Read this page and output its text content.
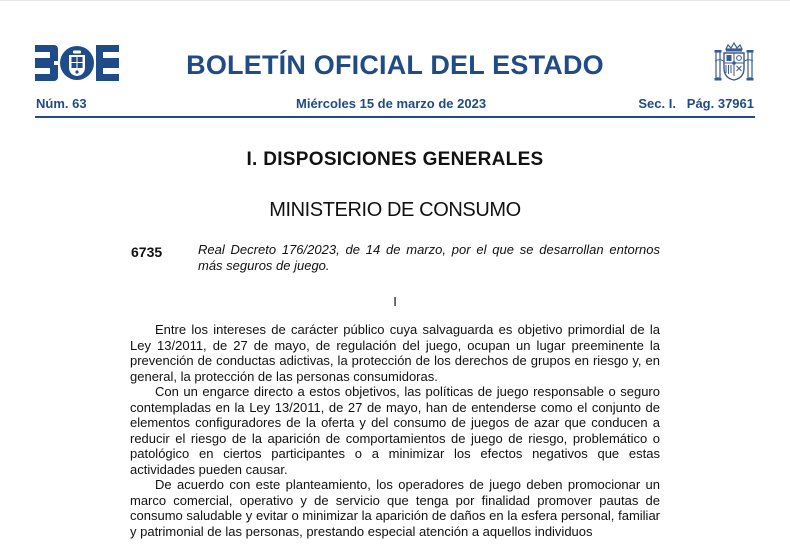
BOLETÍN OFICIAL DEL ESTADO
Núm. 63	Miércoles 15 de marzo de 2023	Sec. I.   Pág. 37961
I. DISPOSICIONES GENERALES
MINISTERIO DE CONSUMO
6735	Real Decreto 176/2023, de 14 de marzo, por el que se desarrollan entornos más seguros de juego.
I

Entre los intereses de carácter público cuya salvaguarda es objetivo primordial de la Ley 13/2011, de 27 de mayo, de regulación del juego, ocupan un lugar preeminente la prevención de conductas adictivas, la protección de los derechos de grupos en riesgo y, en general, la protección de las personas consumidoras.

Con un engarce directo a estos objetivos, las políticas de juego responsable o seguro contempladas en la Ley 13/2011, de 27 de mayo, han de entenderse como el conjunto de elementos configuradores de la oferta y del consumo de juegos de azar que conducen a reducir el riesgo de la aparición de comportamientos de juego de riesgo, problemático o patológico en ciertos participantes o a minimizar los efectos negativos que estas actividades pueden causar.

De acuerdo con este planteamiento, los operadores de juego deben promocionar un marco comercial, operativo y de servicio que tenga por finalidad promover pautas de consumo saludable y evitar o minimizar la aparición de daños en la esfera personal, familiar y patrimonial de las personas, prestando especial atención a aquellos individuos
